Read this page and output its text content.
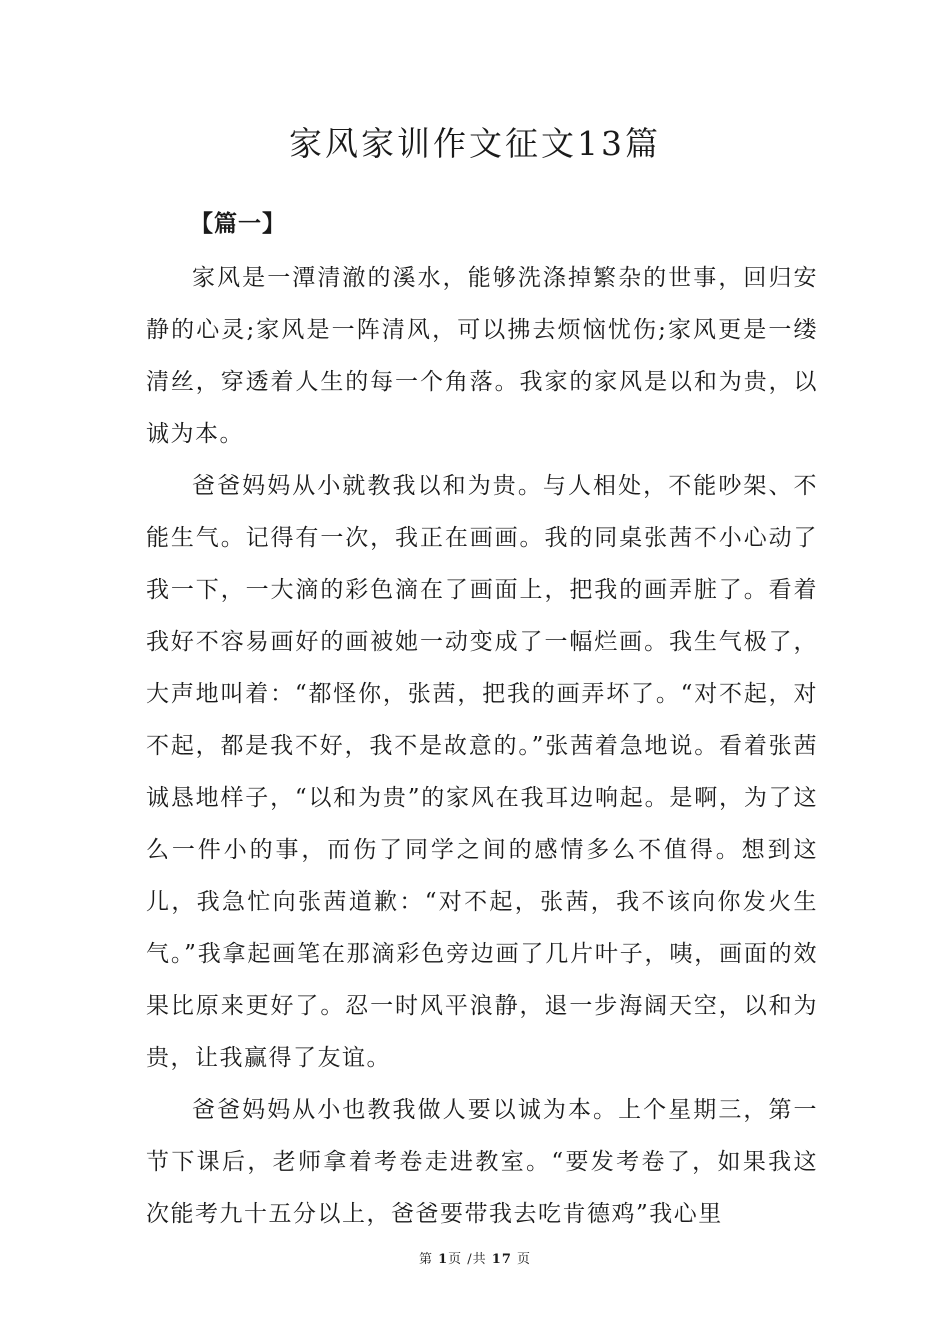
家风家训作文征文13篇
【篇一】

家风是一潭清澈的溪水，能够洗涤掉繁杂的世事，回归安静的心灵;家风是一阵清风，可以拂去烦恼忧伤;家风更是一缕清丝，穿透着人生的每一个角落。我家的家风是以和为贵，以诚为本。

爸爸妈妈从小就教我以和为贵。与人相处，不能吵架、不能生气。记得有一次，我正在画画。我的同桌张茜不小心动了我一下，一大滴的彩色滴在了画面上，把我的画弄脏了。看着我好不容易画好的画被她一动变成了一幅烂画。我生气极了，大声地叫着：“都怪你，张茜，把我的画弄坏了。“对不起，对不起，都是我不好，我不是故意的。”张茜着急地说。看着张茜诚恳地样子，“以和为贵”的家风在我耳边响起。是啊，为了这么一件小的事，而伤了同学之间的感情多么不值得。想到这儿，我急忙向张茜道歉：“对不起，张茜，我不该向你发火生气。”我拿起画笔在那滴彩色旁边画了几片叶子，咦，画面的效果比原来更好了。忍一时风平浪静，退一步海阔天空，以和为贵，让我赢得了友谊。

爸爸妈妈从小也教我做人要以诚为本。上个星期三，第一节下课后，老师拿着考卷走进教室。“要发考卷了，如果我这次能考九十五分以上，爸爸要带我去吃肯德鸡”我心里

第 1页 /共 17 页
